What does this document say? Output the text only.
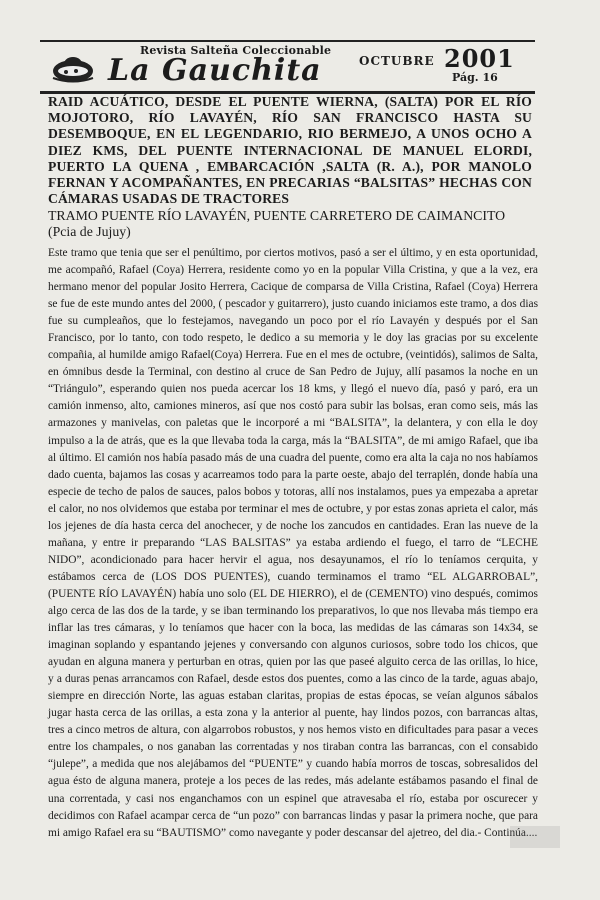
Revista Salteña Coleccionable
La Gauchita	OCTUBRE 2001
Pág. 16

RAID ACUÁTICO, DESDE EL PUENTE WIERNA, (SALTA) POR EL RÍO MOJOTORO, RÍO LAVAYÉN, RÍO SAN FRANCISCO HASTA SU DESEMBOQUE, EN EL LEGENDARIO, RIO BERMEJO, A UNOS OCHO A DIEZ KMS, DEL PUENTE INTERNACIONAL DE MANUEL ELORDI, PUERTO LA QUENA , EMBARCACIÓN ,SALTA (R. A.), POR MANOLO FERNAN Y ACOMPAÑANTES, EN PRECARIAS “BALSITAS” HECHAS CON CÁMARAS USADAS DE TRACTORES

TRAMO PUENTE RÍO LAVAYÉN, PUENTE CARRETERO DE CAIMANCITO (Pcia de Jujuy)

Este tramo que tenia que ser el penúltimo, por ciertos motivos, pasó a ser el último, y en esta oportunidad, me acompañó, Rafael (Coya) Herrera, residente como yo en la popular Villa Cristina, y que a la vez, era hermano menor del popular Josito Herrera, Cacique de comparsa de Villa Cristina, Rafael (Coya) Herrera se fue de este mundo antes del 2000, ( pescador y guitarrero), justo cuando iniciamos este tramo, a dos dias fue su cumpleaños, que lo festejamos, navegando un poco por el río Lavayén y después por el San Francisco, por lo tanto, con todo respeto, le dedico a su memoria y le doy las gracias por su excelente compañia, al humilde amigo Rafael(Coya) Herrera. Fue en el mes de octubre, (veintidós), salimos de Salta, en ómnibus desde la Terminal, con destino al cruce de San Pedro de Jujuy, allí pasamos la noche en un “Triángulo”, esperando quien nos pueda acercar los 18 kms, y llegó el nuevo día, pasó y paró, era un camión inmenso, alto, camiones mineros, así que nos costó para subir las bolsas, eran como seis, más las armazones y manivelas, con paletas que le incorporé a mi “BALSITA”, la delantera, y con ella le doy impulso a la de atrás, que es la que llevaba toda la carga, más la “BALSITA”, de mi amigo Rafael, que iba al último. El camión nos había pasado más de una cuadra del puente, como era alta la caja no nos habíamos dado cuenta, bajamos las cosas y acarreamos todo para la parte oeste, abajo del terraplén, donde había una especie de techo de palos de sauces, palos bobos y totoras, allí nos instalamos, pues ya empezaba a apretar el calor, no nos olvidemos que estaba por terminar el mes de octubre, y por estas zonas aprieta el calor, más los jejenes de día hasta cerca del anochecer, y de noche los zancudos en cantidades. Eran las nueve de la mañana, y entre ir preparando “LAS BALSITAS” ya estaba ardiendo el fuego, el tarro de “LECHE NIDO”, acondicionado para hacer hervir el agua, nos desayunamos, el río lo teníamos cerquita, y estábamos cerca de (LOS DOS PUENTES), cuando terminamos el tramo “EL ALGARROBAL”, (PUENTE RÍO LAVAYÉN) había uno solo (EL DE HIERRO), el de (CEMENTO) vino después, comimos algo cerca de las dos de la tarde, y se iban terminando los preparativos, lo que nos llevaba más tiempo era inflar las tres cámaras, y lo teníamos que hacer con la boca, las medidas de las cámaras son 14x34, se imaginan soplando y espantando jejenes y conversando con algunos curiosos, sobre todo los chicos, que ayudan en alguna manera y perturban en otras, quien por las que paseé alguito cerca de las orillas, lo hice, y a duras penas arrancamos con Rafael, desde estos dos puentes, como a las cinco de la tarde, aguas abajo, siempre en dirección Norte, las aguas estaban claritas, propias de estas épocas, se veían algunos sábalos jugar hasta cerca de las orillas, a esta zona y la anterior al puente, hay lindos pozos, con barrancas altas, tres a cinco metros de altura, con algarrobos robustos, y nos hemos visto en dificultades para pasar a veces entre los champales, o nos ganaban las correntadas y nos tiraban contra las barrancas, con el consabido “julepe”, a medida que nos alejábamos del “PUENTE” y cuando había morros de toscas, sobresalidos del agua ésto de alguna manera, proteje a los peces de las redes, más adelante estábamos pasando el final de una correntada, y casi nos enganchamos con un espinel que atravesaba el río, estaba por oscurecer y decidimos con Rafael acampar cerca de “un pozo” con barrancas lindas y pasar la primera noche, que para mi amigo Rafael era su “BAUTISMO” como navegante y poder descansar del ajetreo, del dia.- Continúa....
